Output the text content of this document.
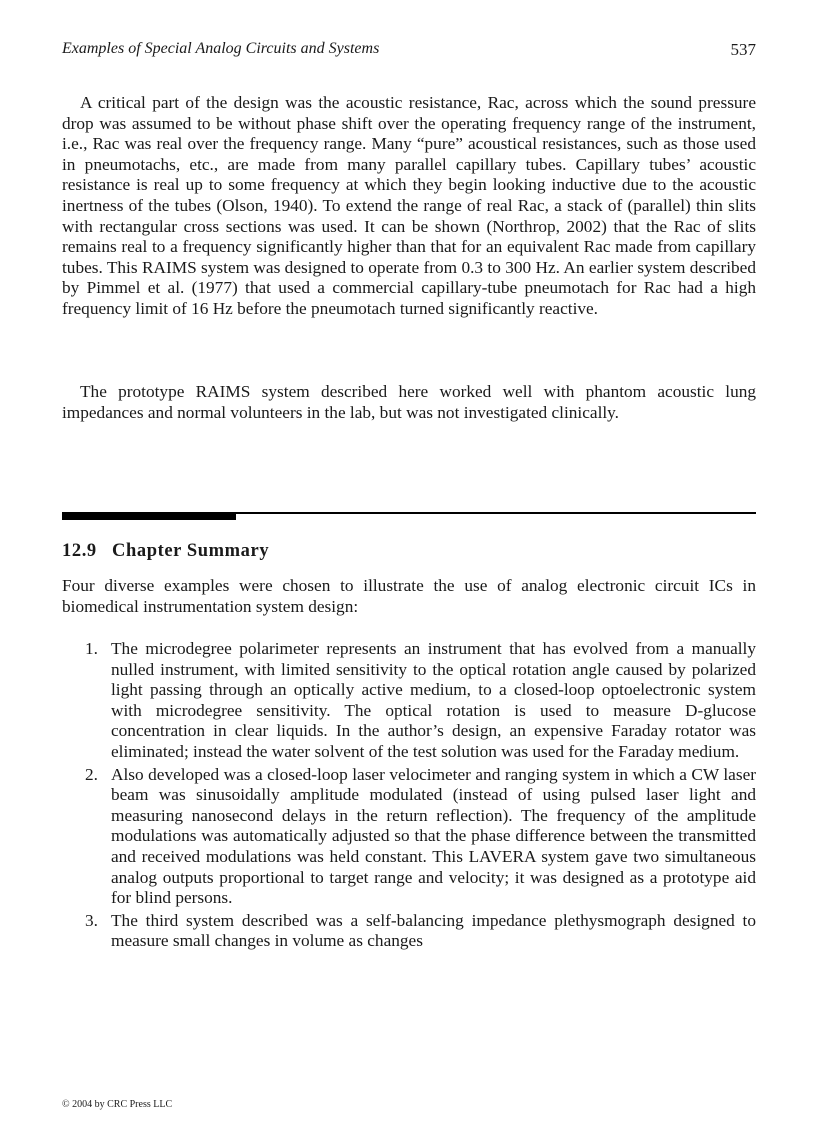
Examples of Special Analog Circuits and Systems	537
A critical part of the design was the acoustic resistance, Rac, across which the sound pressure drop was assumed to be without phase shift over the operating frequency range of the instrument, i.e., Rac was real over the frequency range. Many “pure” acoustical resistances, such as those used in pneumotachs, etc., are made from many parallel capillary tubes. Capillary tubes’ acoustic resistance is real up to some frequency at which they begin looking inductive due to the acoustic inertness of the tubes (Olson, 1940). To extend the range of real Rac, a stack of (parallel) thin slits with rectangular cross sections was used. It can be shown (Northrop, 2002) that the Rac of slits remains real to a frequency significantly higher than that for an equivalent Rac made from capillary tubes. This RAIMS system was designed to operate from 0.3 to 300 Hz. An earlier system described by Pimmel et al. (1977) that used a commercial capillary-tube pneumotach for Rac had a high frequency limit of 16 Hz before the pneumotach turned significantly reactive.
The prototype RAIMS system described here worked well with phantom acoustic lung impedances and normal volunteers in the lab, but was not investigated clinically.
12.9 Chapter Summary
Four diverse examples were chosen to illustrate the use of analog electronic circuit ICs in biomedical instrumentation system design:
1. The microdegree polarimeter represents an instrument that has evolved from a manually nulled instrument, with limited sensitivity to the optical rotation angle caused by polarized light passing through an optically active medium, to a closed-loop optoelectronic system with microdegree sensitivity. The optical rotation is used to measure D-glucose concentration in clear liquids. In the author’s design, an expensive Faraday rotator was eliminated; instead the water solvent of the test solution was used for the Faraday medium.
2. Also developed was a closed-loop laser velocimeter and ranging system in which a CW laser beam was sinusoidally amplitude modulated (instead of using pulsed laser light and measuring nanosecond delays in the return reflection). The frequency of the amplitude modulations was automatically adjusted so that the phase difference between the transmitted and received modulations was held constant. This LAVERA system gave two simultaneous analog outputs proportional to target range and velocity; it was designed as a prototype aid for blind persons.
3. The third system described was a self-balancing impedance plethysmograph designed to measure small changes in volume as changes
© 2004 by CRC Press LLC
